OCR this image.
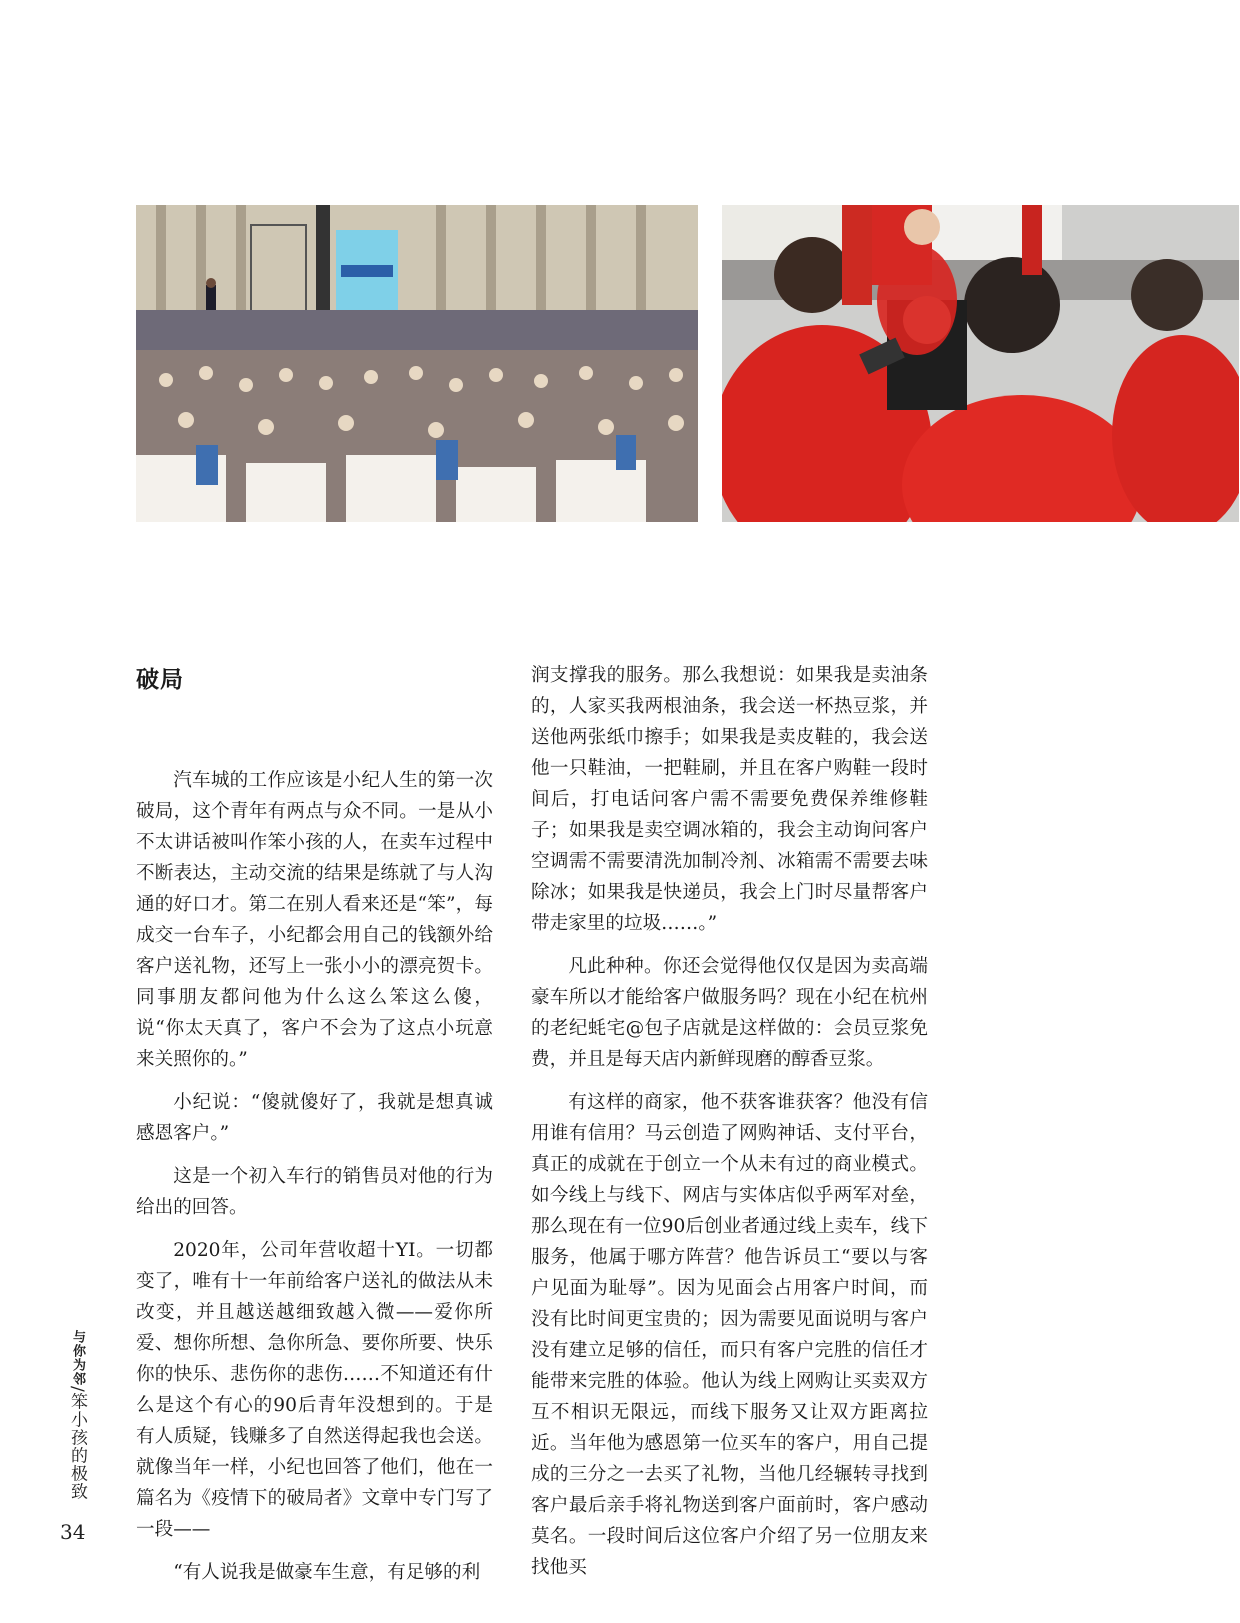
破局

汽车城的工作应该是小纪人生的第一次破局，这个青年有两点与众不同。一是从小不太讲话被叫作笨小孩的人，在卖车过程中不断表达，主动交流的结果是练就了与人沟通的好口才。第二在别人看来还是“笨”，每成交一台车子，小纪都会用自己的钱额外给客户送礼物，还写上一张小小的漂亮贺卡。同事朋友都问他为什么这么笨这么傻，说“你太天真了，客户不会为了这点小玩意来关照你的。”

小纪说：“傻就傻好了，我就是想真诚感恩客户。”

这是一个初入车行的销售员对他的行为给出的回答。

2020年，公司年营收超十YI。一切都变了，唯有十一年前给客户送礼的做法从未改变，并且越送越细致越入微——爱你所爱、想你所想、急你所急、要你所要、快乐你的快乐、悲伤你的悲伤……不知道还有什么是这个有心的90后青年没想到的。于是有人质疑，钱赚多了自然送得起我也会送。就像当年一样，小纪也回答了他们，他在一篇名为《疫情下的破局者》文章中专门写了一段——

“有人说我是做豪车生意，有足够的利

润支撑我的服务。那么我想说：如果我是卖油条的，人家买我两根油条，我会送一杯热豆浆，并送他两张纸巾擦手；如果我是卖皮鞋的，我会送他一只鞋油，一把鞋刷，并且在客户购鞋一段时间后，打电话问客户需不需要免费保养维修鞋子；如果我是卖空调冰箱的，我会主动询问客户空调需不需要清洗加制冷剂、冰箱需不需要去味除冰；如果我是快递员，我会上门时尽量帮客户带走家里的垃圾……。”

凡此种种。你还会觉得他仅仅是因为卖高端豪车所以才能给客户做服务吗？现在小纪在杭州的老纪蚝宅@包子店就是这样做的：会员豆浆免费，并且是每天店内新鲜现磨的醇香豆浆。

有这样的商家，他不获客谁获客？他没有信用谁有信用？马云创造了网购神话、支付平台，真正的成就在于创立一个从未有过的商业模式。如今线上与线下、网店与实体店似乎两军对垒，那么现在有一位90后创业者通过线上卖车，线下服务，他属于哪方阵营？他告诉员工“要以与客户见面为耻辱”。因为见面会占用客户时间，而没有比时间更宝贵的；因为需要见面说明与客户没有建立足够的信任，而只有客户完胜的信任才能带来完胜的体验。他认为线上网购让买卖双方互不相识无限远，而线下服务又让双方距离拉近。当年他为感恩第一位买车的客户，用自己提成的三分之一去买了礼物，当他几经辗转寻找到客户最后亲手将礼物送到客户面前时，客户感动莫名。一段时间后这位客户介绍了另一位朋友来找他买

与你为邻/笨小孩的极致
34
